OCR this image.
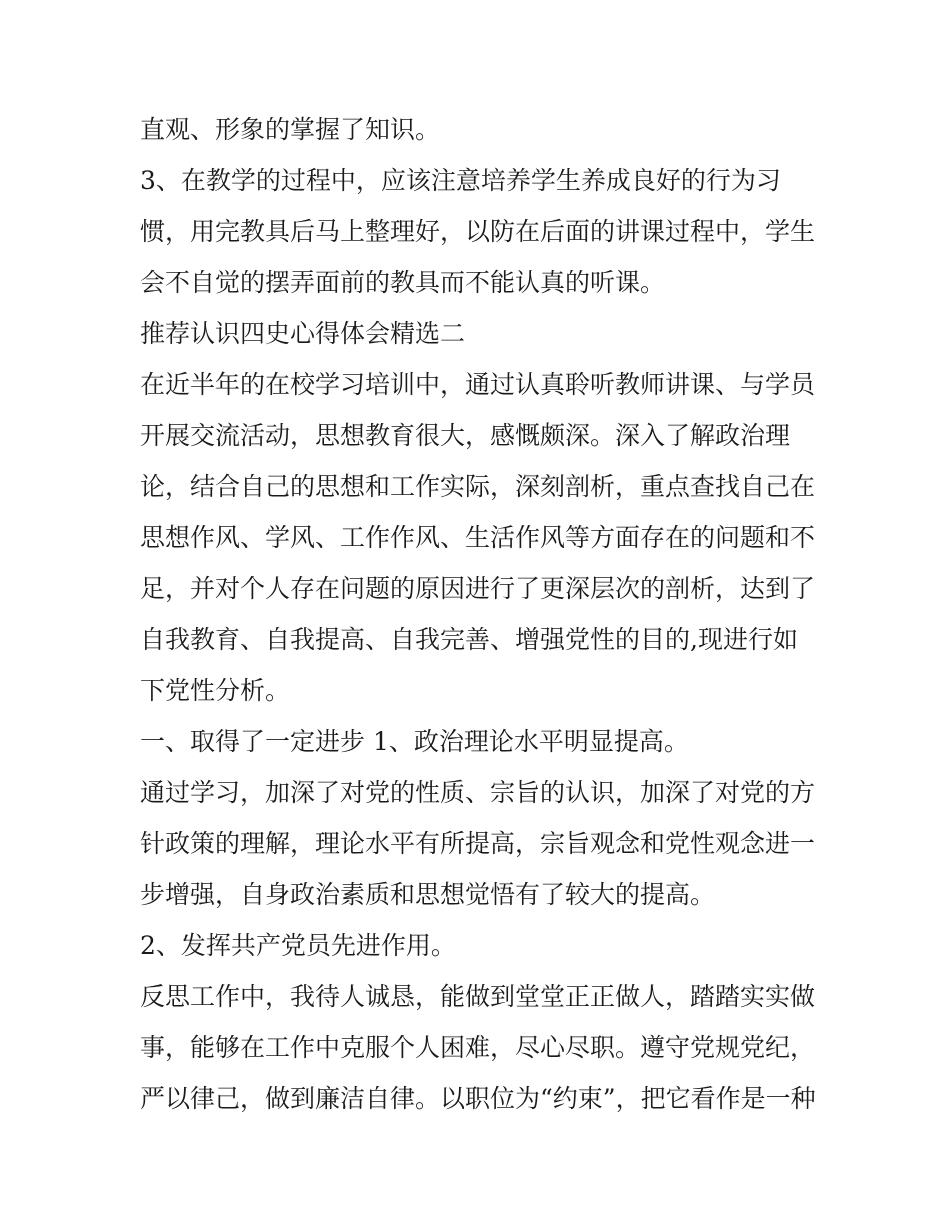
直观、形象的掌握了知识。

3、在教学的过程中，应该注意培养学生养成良好的行为习

惯，用完教具后马上整理好，以防在后面的讲课过程中，学生

会不自觉的摆弄面前的教具而不能认真的听课。

推荐认识四史心得体会精选二

在近半年的在校学习培训中，通过认真聆听教师讲课、与学员

开展交流活动，思想教育很大，感慨颇深。深入了解政治理

论，结合自己的思想和工作实际，深刻剖析，重点查找自己在

思想作风、学风、工作作风、生活作风等方面存在的问题和不

足，并对个人存在问题的原因进行了更深层次的剖析，达到了

自我教育、自我提高、自我完善、增强党性的目的,现进行如

下党性分析。

一、取得了一定进步 1、政治理论水平明显提高。

通过学习，加深了对党的性质、宗旨的认识，加深了对党的方

针政策的理解，理论水平有所提高，宗旨观念和党性观念进一

步增强，自身政治素质和思想觉悟有了较大的提高。

2、发挥共产党员先进作用。

反思工作中，我待人诚恳，能做到堂堂正正做人，踏踏实实做

事，能够在工作中克服个人困难，尽心尽职。遵守党规党纪，

严以律己，做到廉洁自律。以职位为“约束”，把它看作是一种
